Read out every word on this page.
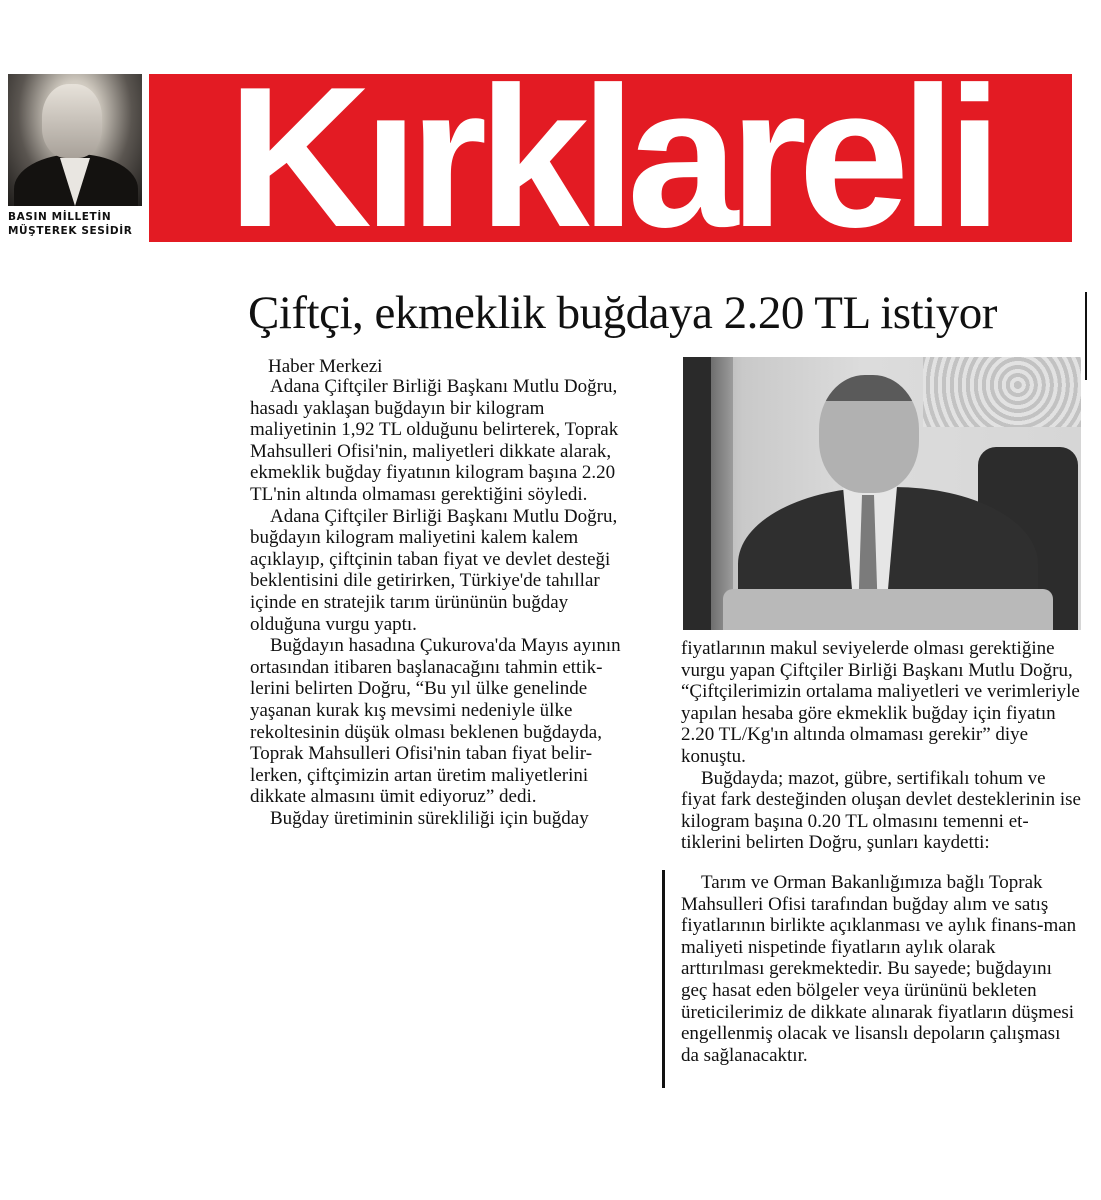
BASIN MİLLETİN
MÜŞTEREK SESİDİR Kırklareli
Çiftçi, ekmeklik buğdaya 2.20 TL istiyor
Haber Merkezi

Adana Çiftçiler Birliği Başkanı Mutlu Doğru, hasadı yaklaşan buğdayın bir kilogram maliyetinin 1,92 TL olduğunu belirterek, Toprak Mahsulleri Ofisi'nin, maliyetleri dikkate alarak, ekmeklik buğday fiyatının kilogram başına 2.20 TL'nin altında olmaması gerektiğini söyledi.

Adana Çiftçiler Birliği Başkanı Mutlu Doğru, buğdayın kilogram maliyetini kalem kalem açıklayıp, çiftçinin taban fiyat ve devlet desteği beklentisini dile getirirken, Türkiye'de tahıllar içinde en stratejik tarım ürününün buğday olduğuna vurgu yaptı.

Buğdayın hasadına Çukurova'da Mayıs ayının ortasından itibaren başlanacağını tahmin ettik-lerini belirten Doğru, “Bu yıl ülke genelinde yaşanan kurak kış mevsimi nedeniyle ülke rekoltesinin düşük olması beklenen buğdayda, Toprak Mahsulleri Ofisi'nin taban fiyat belir-lerken, çiftçimizin artan üretim maliyetlerini dikkate almasını ümit ediyoruz” dedi.

Buğday üretiminin sürekliliği için buğday

fiyatlarının makul seviyelerde olması gerektiğine vurgu yapan Çiftçiler Birliği Başkanı Mutlu Doğru, “Çiftçilerimizin ortalama maliyetleri ve verimleriyle yapılan hesaba göre ekmeklik buğday için fiyatın 2.20 TL/Kg'ın altında olmaması gerekir” diye konuştu.

Buğdayda; mazot, gübre, sertifikalı tohum ve fiyat fark desteğinden oluşan devlet desteklerinin ise kilogram başına 0.20 TL olmasını temenni et-tiklerini belirten Doğru, şunları kaydetti:

Tarım ve Orman Bakanlığımıza bağlı Toprak Mahsulleri Ofisi tarafından buğday alım ve satış fiyatlarının birlikte açıklanması ve aylık finans-man maliyeti nispetinde fiyatların aylık olarak arttırılması gerekmektedir. Bu sayede; buğdayını geç hasat eden bölgeler veya ürününü bekleten üreticilerimiz de dikkate alınarak fiyatların düşmesi engellenmiş olacak ve lisanslı depoların çalışması da sağlanacaktır.
